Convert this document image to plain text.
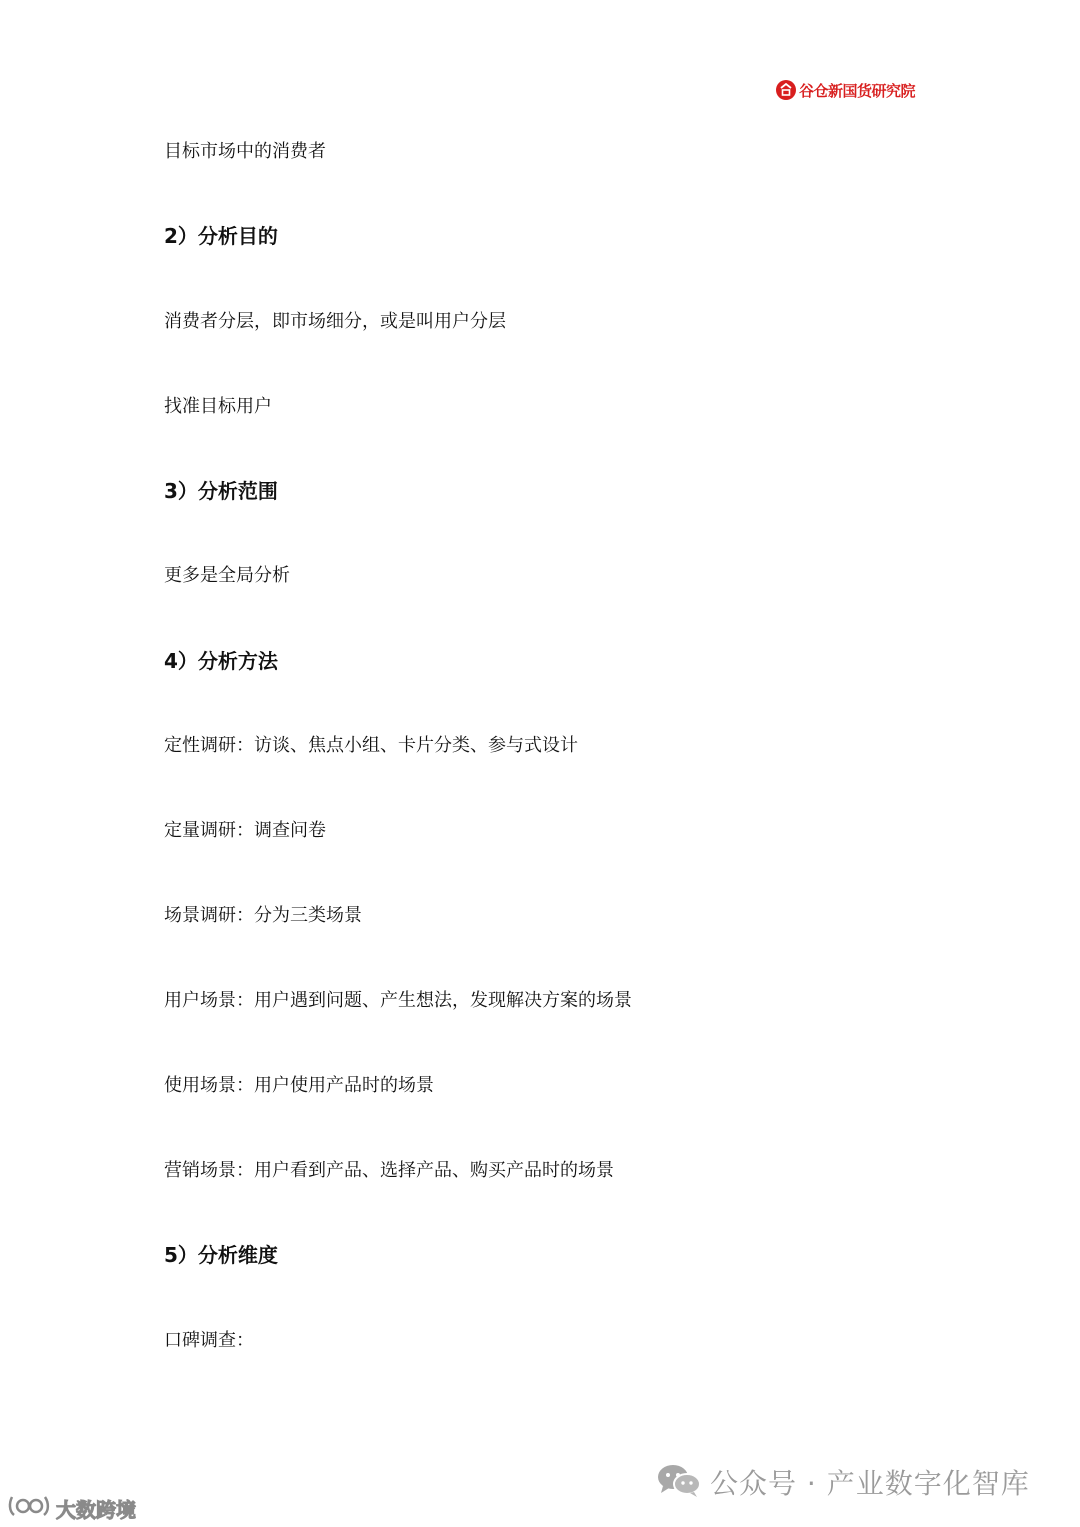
谷仓新国货研究院
目标市场中的消费者
2）分析目的
消费者分层，即市场细分，或是叫用户分层
找准目标用户
3）分析范围
更多是全局分析
4）分析方法
定性调研：访谈、焦点小组、卡片分类、参与式设计
定量调研：调查问卷
场景调研：分为三类场景
用户场景：用户遇到问题、产生想法，发现解决方案的场景
使用场景：用户使用产品时的场景
营销场景：用户看到产品、选择产品、购买产品时的场景
5）分析维度
口碑调查：
公众号 · 产业数字化智库
大数跨境
